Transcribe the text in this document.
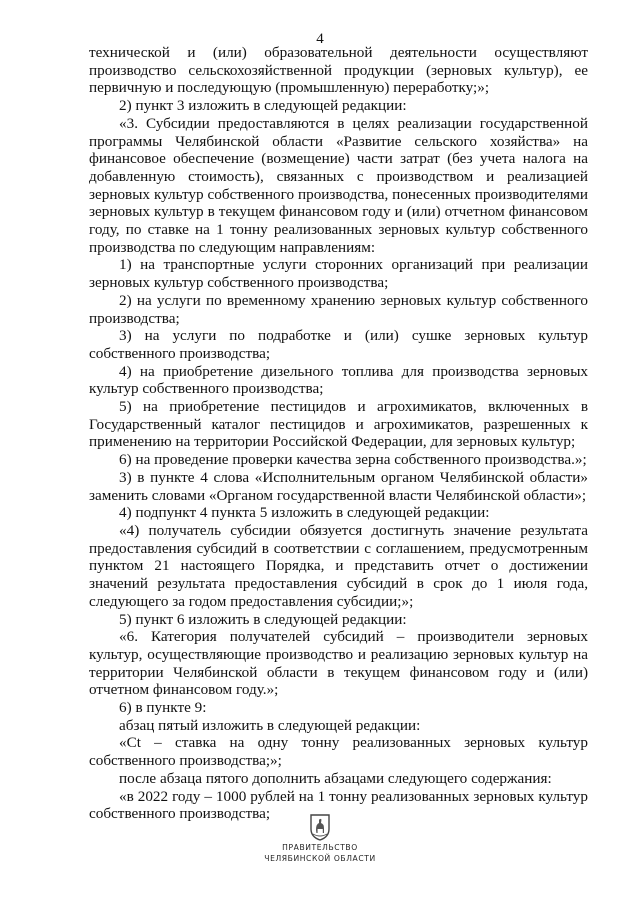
4

технической и (или) образовательной деятельности осуществляют производство сельскохозяйственной продукции (зерновых культур), ее первичную и последующую (промышленную) переработку;»;

2) пункт 3 изложить в следующей редакции:

«3. Субсидии предоставляются в целях реализации государственной программы Челябинской области «Развитие сельского хозяйства» на финансовое обеспечение (возмещение) части затрат (без учета налога на добавленную стоимость), связанных с производством и реализацией зерновых культур собственного производства, понесенных производителями зерновых культур в текущем финансовом году и (или) отчетном финансовом году, по ставке на 1 тонну реализованных зерновых культур собственного производства по следующим направлениям:

1) на транспортные услуги сторонних организаций при реализации зерновых культур собственного производства;

2) на услуги по временному хранению зерновых культур собственного производства;

3) на услуги по подработке и (или) сушке зерновых культур собственного производства;

4) на приобретение дизельного топлива для производства зерновых культур собственного производства;

5) на приобретение пестицидов и агрохимикатов, включенных в Государственный каталог пестицидов и агрохимикатов, разрешенных к применению на территории Российской Федерации, для зерновых культур;

6) на проведение проверки качества зерна собственного производства.»;

3) в пункте 4 слова «Исполнительным органом Челябинской области» заменить словами «Органом государственной власти Челябинской области»;

4) подпункт 4 пункта 5 изложить в следующей редакции:

«4) получатель субсидии обязуется достигнуть значение результата предоставления субсидий в соответствии с соглашением, предусмотренным пунктом 21 настоящего Порядка, и представить отчет о достижении значений результата предоставления субсидий в срок до 1 июля года, следующего за годом предоставления субсидии;»;

5) пункт 6 изложить в следующей редакции:

«6. Категория получателей субсидий – производители зерновых культур, осуществляющие производство и реализацию зерновых культур на территории Челябинской области в текущем финансовом году и (или) отчетном финансовом году.»;

6) в пункте 9:

абзац пятый изложить в следующей редакции:

«Ct – ставка на одну тонну реализованных зерновых культур собственного производства;»;

после абзаца пятого дополнить абзацами следующего содержания:

«в 2022 году – 1000 рублей на 1 тонну реализованных зерновых культур собственного производства;

ПРАВИТЕЛЬСТВО
ЧЕЛЯБИНСКОЙ ОБЛАСТИ
